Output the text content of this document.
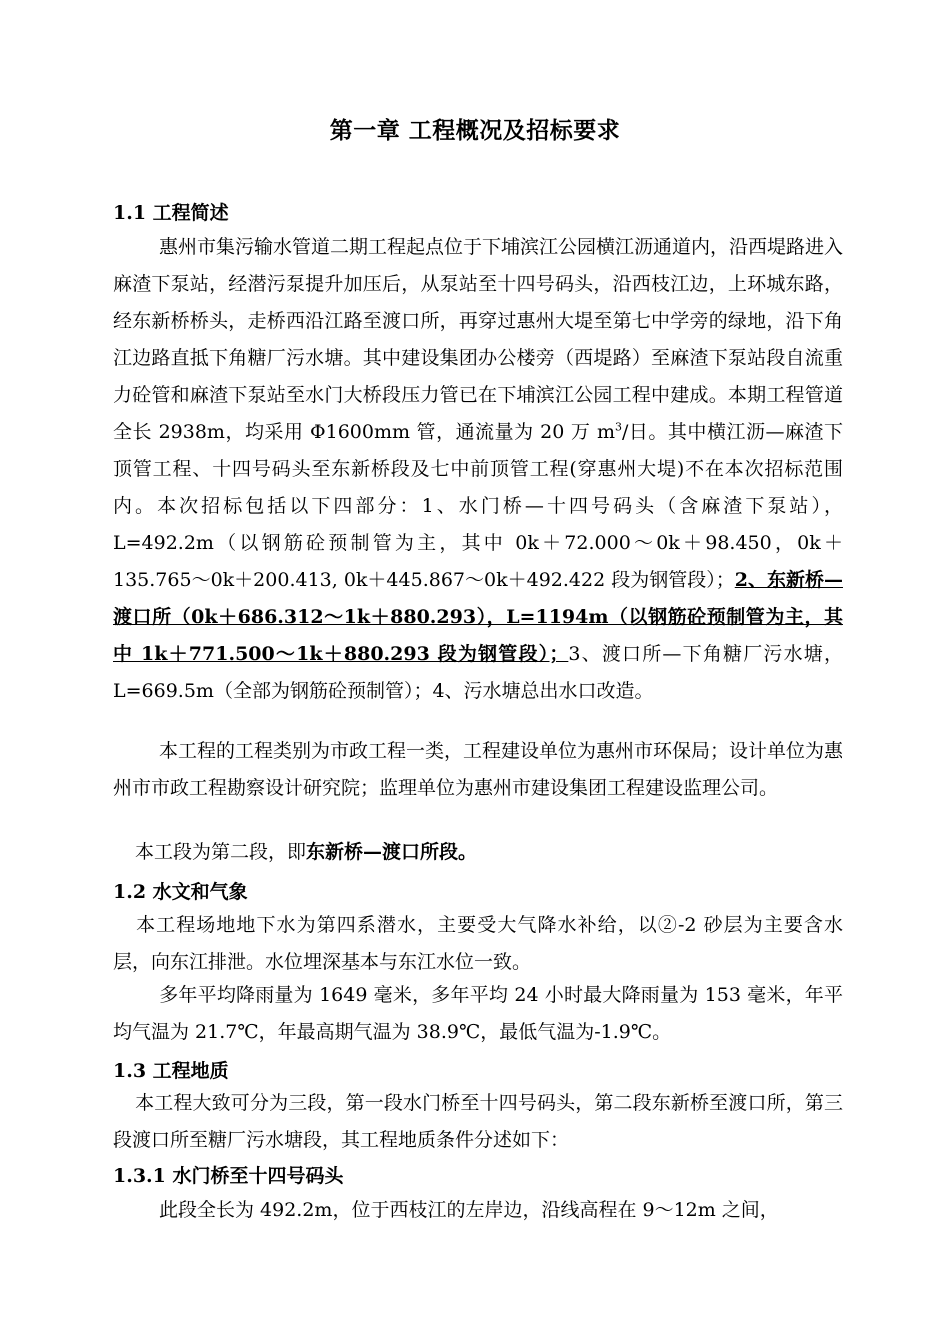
第一章 工程概况及招标要求
1.1 工程简述
惠州市集污输水管道二期工程起点位于下埔滨江公园横江沥通道内，沿西堤路进入麻渣下泵站，经潜污泵提升加压后，从泵站至十四号码头，沿西枝江边，上环城东路，经东新桥桥头，走桥西沿江路至渡口所，再穿过惠州大堤至第七中学旁的绿地，沿下角江边路直抵下角糖厂污水塘。其中建设集团办公楼旁（西堤路）至麻渣下泵站段自流重力砼管和麻渣下泵站至水门大桥段压力管已在下埔滨江公园工程中建成。本期工程管道全长 2938m，均采用 Φ1600mm 管，通流量为 20 万 $m^3/$日。其中横江沥—麻渣下顶管工程、十四号码头至东新桥段及七中前顶管工程(穿惠州大堤)不在本次招标范围内。本次招标包括以下四部分：1、水门桥—十四号码头（含麻渣下泵站），L=492.2m（以钢筋砼预制管为主，其中 0k＋72.000～0k＋98.450，0k＋135.765～0k＋200.413, 0k＋445.867～0k＋492.422 段为钢管段）；2、东新桥—渡口所（0k＋686.312～1k＋880.293），L=1194m（以钢筋砼预制管为主，其中 1k＋771.500～1k＋880.293 段为钢管段）；3、渡口所—下角糖厂污水塘，L=669.5m（全部为钢筋砼预制管）；4、污水塘总出水口改造。
本工程的工程类别为市政工程一类，工程建设单位为惠州市环保局；设计单位为惠州市市政工程勘察设计研究院；监理单位为惠州市建设集团工程建设监理公司。
本工段为第二段，即东新桥—渡口所段。
1.2 水文和气象
本工程场地地下水为第四系潜水，主要受大气降水补给，以②-2 砂层为主要含水层，向东江排泄。水位埋深基本与东江水位一致。
多年平均降雨量为 1649 毫米，多年平均 24 小时最大降雨量为 153 毫米，年平均气温为 21.7℃，年最高期气温为 38.9℃，最低气温为-1.9℃。
1.3 工程地质
本工程大致可分为三段，第一段水门桥至十四号码头，第二段东新桥至渡口所，第三段渡口所至糖厂污水塘段，其工程地质条件分述如下：
1.3.1 水门桥至十四号码头
此段全长为 492.2m，位于西枝江的左岸边，沿线高程在 9～12m 之间，
